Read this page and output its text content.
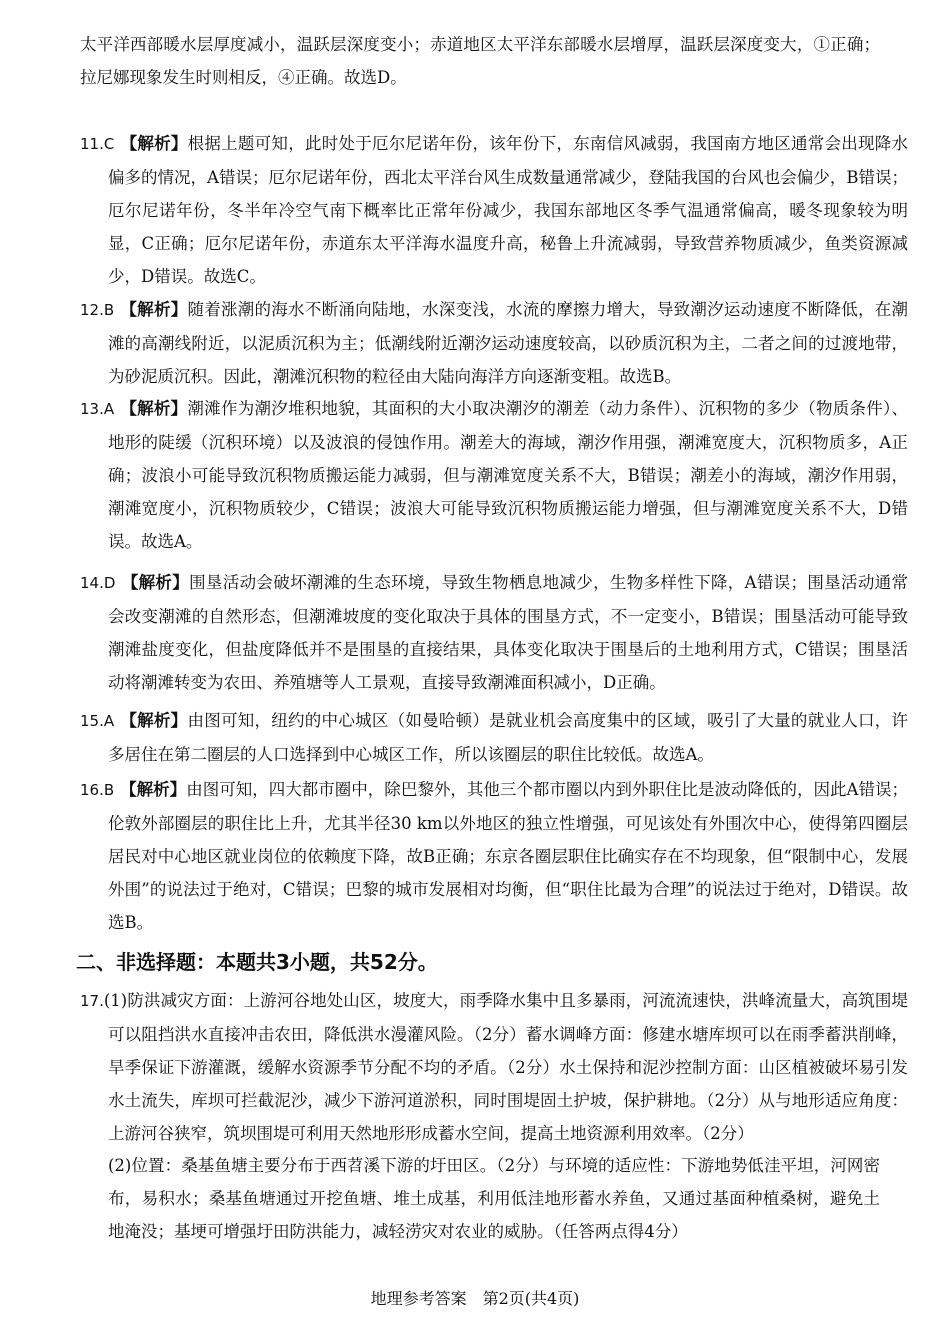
太平洋西部暖水层厚度减小，温跃层深度变小；赤道地区太平洋东部暖水层增厚，温跃层深度变大，①正确；拉尼娜现象发生时则相反，④正确。故选D。

11.C 【解析】根据上题可知，此时处于厄尔尼诺年份，该年份下，东南信风减弱，我国南方地区通常会出现降水偏多的情况，A错误；厄尔尼诺年份，西北太平洋台风生成数量通常减少，登陆我国的台风也会偏少，B错误；厄尔尼诺年份，冬半年冷空气南下概率比正常年份减少，我国东部地区冬季气温通常偏高，暖冬现象较为明显，C正确；厄尔尼诺年份，赤道东太平洋海水温度升高，秘鲁上升流减弱，导致营养物质减少，鱼类资源减少，D错误。故选C。

12.B 【解析】随着涨潮的海水不断涌向陆地，水深变浅，水流的摩擦力增大，导致潮汐运动速度不断降低，在潮滩的高潮线附近，以泥质沉积为主；低潮线附近潮汐运动速度较高，以砂质沉积为主，二者之间的过渡地带，为砂泥质沉积。因此，潮滩沉积物的粒径由大陆向海洋方向逐渐变粗。故选B。

13.A 【解析】潮滩作为潮汐堆积地貌，其面积的大小取决潮汐的潮差（动力条件）、沉积物的多少（物质条件）、地形的陡缓（沉积环境）以及波浪的侵蚀作用。潮差大的海域，潮汐作用强，潮滩宽度大，沉积物质多，A正确；波浪小可能导致沉积物质搬运能力减弱，但与潮滩宽度关系不大，B错误；潮差小的海域，潮汐作用弱，潮滩宽度小，沉积物质较少，C错误；波浪大可能导致沉积物质搬运能力增强，但与潮滩宽度关系不大，D错误。故选A。

14.D 【解析】围垦活动会破坏潮滩的生态环境，导致生物栖息地减少，生物多样性下降，A错误；围垦活动通常会改变潮滩的自然形态，但潮滩坡度的变化取决于具体的围垦方式，不一定变小，B错误；围垦活动可能导致潮滩盐度变化，但盐度降低并不是围垦的直接结果，具体变化取决于围垦后的土地利用方式，C错误；围垦活动将潮滩转变为农田、养殖塘等人工景观，直接导致潮滩面积减小，D正确。

15.A 【解析】由图可知，纽约的中心城区（如曼哈顿）是就业机会高度集中的区域，吸引了大量的就业人口，许多居住在第二圈层的人口选择到中心城区工作，所以该圈层的职住比较低。故选A。

16.B 【解析】由图可知，四大都市圈中，除巴黎外，其他三个都市圈以内到外职住比是波动降低的，因此A错误；伦敦外部圈层的职住比上升，尤其半径30 km以外地区的独立性增强，可见该处有外围次中心，使得第四圈层居民对中心地区就业岗位的依赖度下降，故B正确；东京各圈层职住比确实存在不均现象，但“限制中心，发展外围”的说法过于绝对，C错误；巴黎的城市发展相对均衡，但“职住比最为合理”的说法过于绝对，D错误。故选B。

二、非选择题：本题共3小题，共52分。

17.(1)防洪减灾方面：上游河谷地处山区，坡度大，雨季降水集中且多暴雨，河流流速快，洪峰流量大，高筑围堤可以阻挡洪水直接冲击农田，降低洪水漫灌风险。（2分）蓄水调峰方面：修建水塘库坝可以在雨季蓄洪削峰，旱季保证下游灌溉，缓解水资源季节分配不均的矛盾。（2分）水土保持和泥沙控制方面：山区植被破坏易引发水土流失，库坝可拦截泥沙，减少下游河道淤积，同时围堤固土护坡，保护耕地。（2分）从与地形适应角度：上游河谷狭窄，筑坝围堤可利用天然地形形成蓄水空间，提高土地资源利用效率。（2分）

(2)位置：桑基鱼塘主要分布于西苕溪下游的圩田区。（2分）与环境的适应性：下游地势低洼平坦，河网密布，易积水；桑基鱼塘通过开挖鱼塘、堆土成基，利用低洼地形蓄水养鱼，又通过基面种植桑树，避免土地淹没；基埂可增强圩田防洪能力，减轻涝灾对农业的威胁。（任答两点得4分）

地理参考答案　第2页(共4页)
